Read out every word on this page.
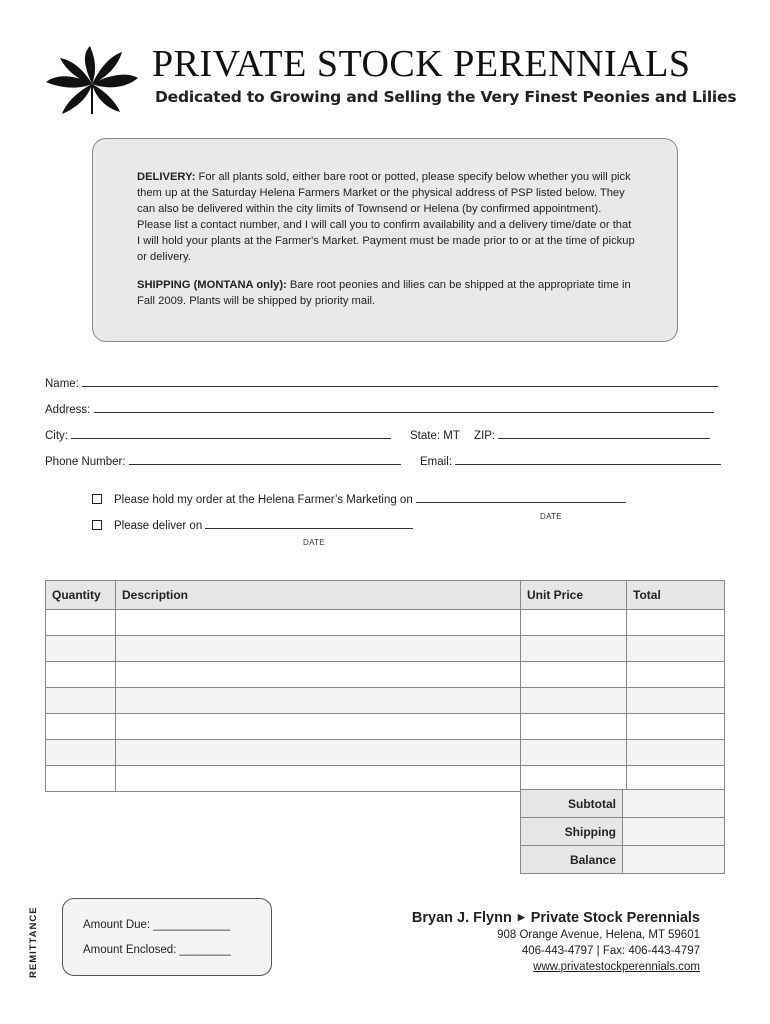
PRIVATE STOCK PERENNIALS
Dedicated to Growing and Selling the Very Finest Peonies and Lilies

DELIVERY: For all plants sold, either bare root or potted, please specify below whether you will pick them up at the Saturday Helena Farmers Market or the physical address of PSP listed below. They can also be delivered within the city limits of Townsend or Helena (by confirmed appointment). Please list a contact number, and I will call you to confirm availability and a delivery time/date or that I will hold your plants at the Farmer's Market. Payment must be made prior to or at the time of pickup or delivery.

SHIPPING (MONTANA only): Bare root peonies and lilies can be shipped at the appropriate time in Fall 2009. Plants will be shipped by priority mail.

Name:
Address:
City:	State: MT ZIP:
Phone Number:	Email:
Please hold my order at the Helena Farmer’s Marketing on
DATE
Please deliver on
DATE
Quantity	Description	Unit Price	Total

Subtotal	
Shipping	
Balance	
REMITTANCE	Amount Due: ____________
Amount Enclosed: ________
Bryan J. Flynn ▶ Private Stock Perennials
908 Orange Avenue, Helena, MT 59601
406-443-4797 | Fax: 406-443-4797
www.privatestockperennials.com
